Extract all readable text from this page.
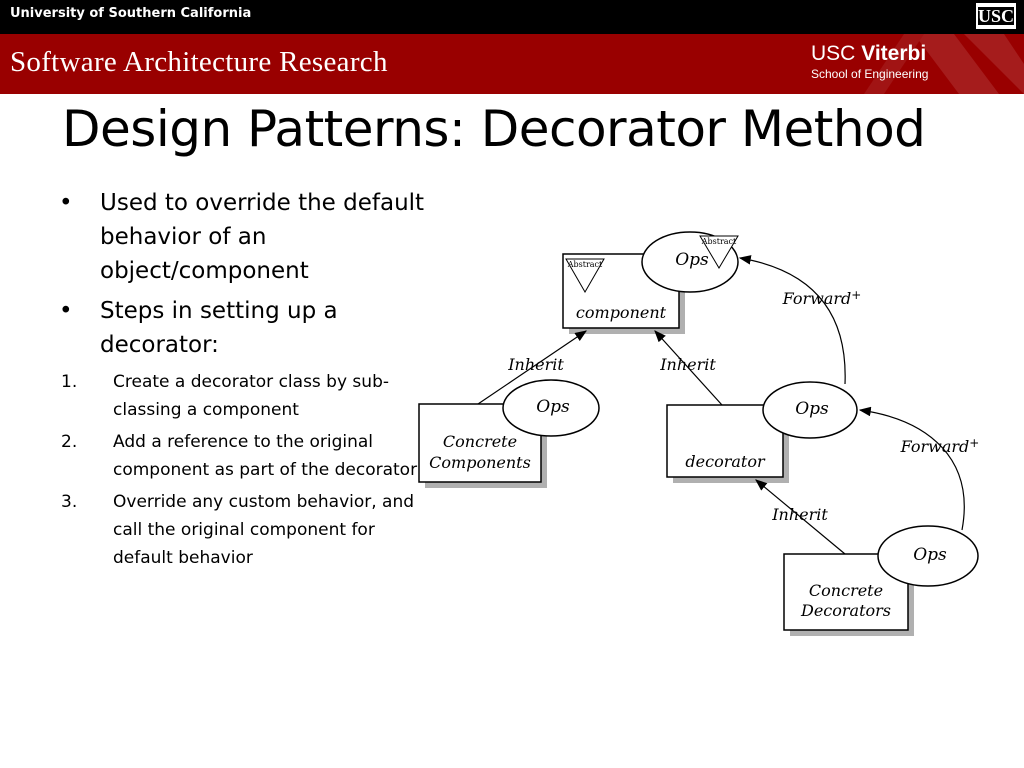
University of Southern California	USC
Software Architecture Research	USC Viterbi
School of Engineering
Design Patterns: Decorator Method
• Used to override the default behavior of an object/component
• Steps in setting up a decorator:
1. Create a decorator class by sub-classing a component
2. Add a reference to the original component as part of the decorator
3. Override any custom behavior, and call the original component for default behavior
Abstract
component
Abstract
Ops
Concrete
Components
Ops
decorator
Ops
Concrete
Decorators
Ops
Inherit	Inherit
Inherit
Forward+
Forward+
